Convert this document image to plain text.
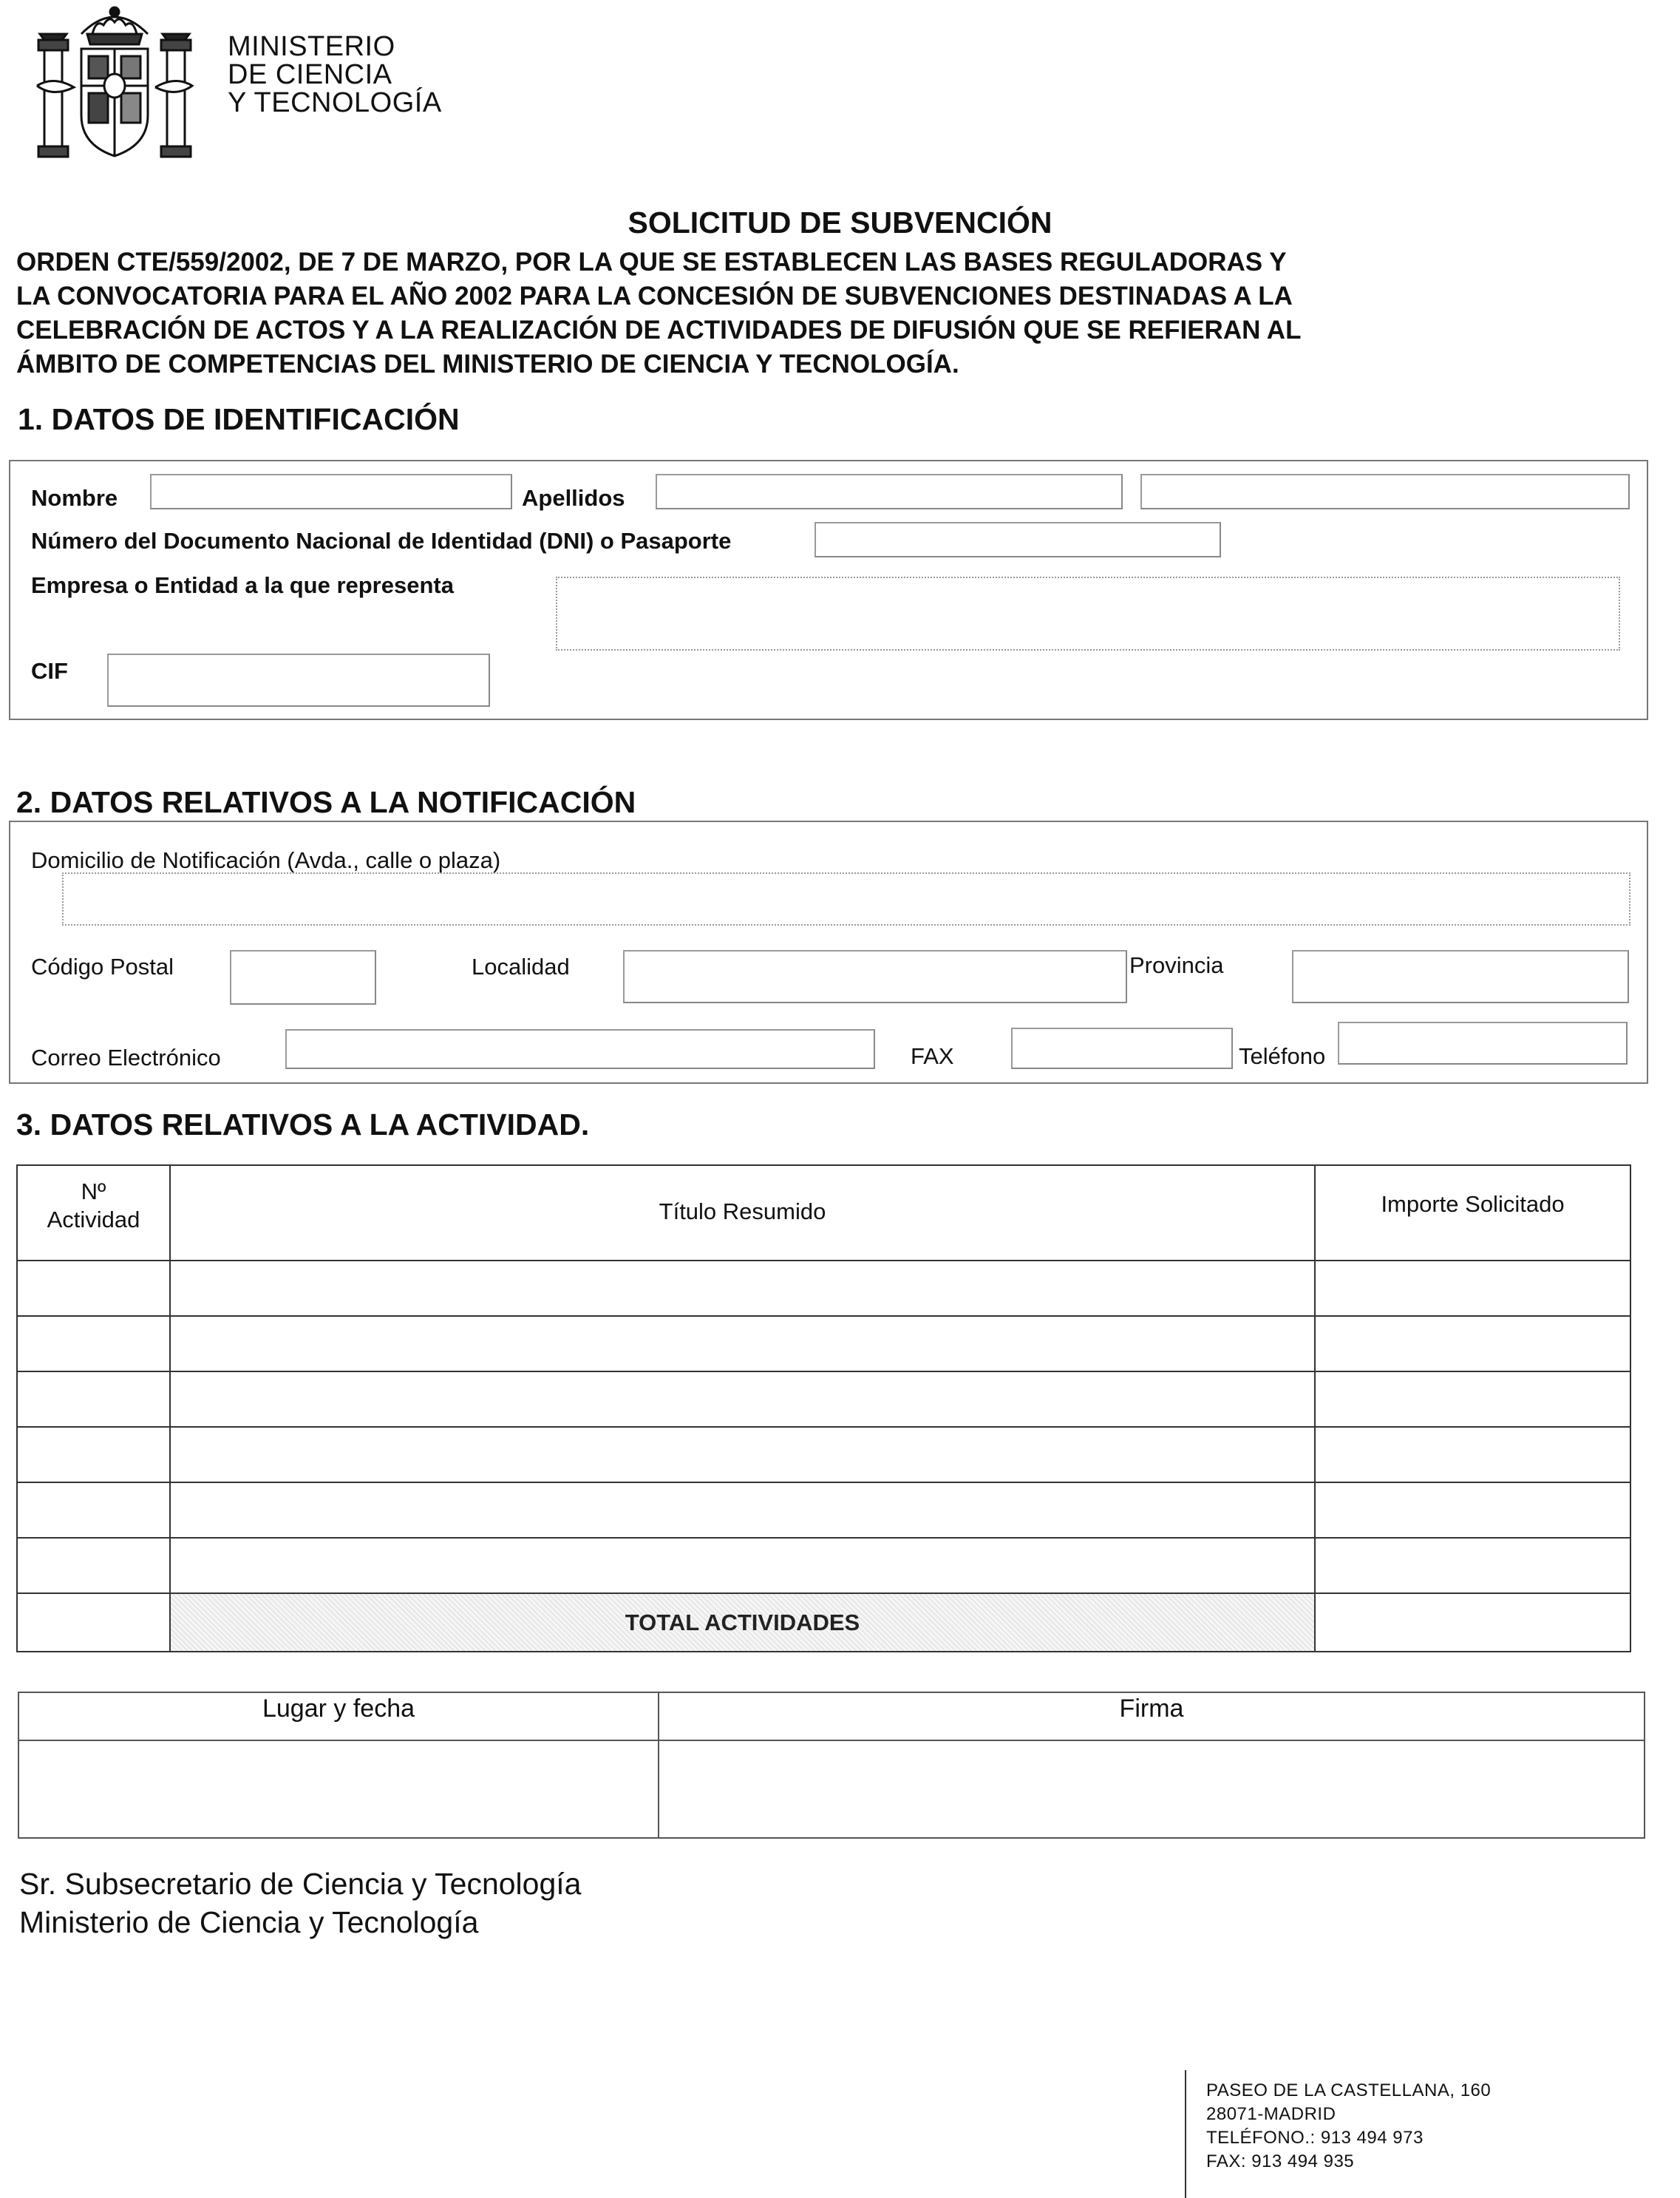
MINISTERIO
DE CIENCIA
Y TECNOLOGÍA
SOLICITUD DE SUBVENCIÓN
ORDEN CTE/559/2002, DE 7 DE MARZO, POR LA QUE SE ESTABLECEN LAS BASES REGULADORAS Y
LA CONVOCATORIA PARA EL AÑO 2002 PARA LA CONCESIÓN DE SUBVENCIONES DESTINADAS A LA
CELEBRACIÓN DE ACTOS Y A LA REALIZACIÓN DE ACTIVIDADES DE DIFUSIÓN QUE SE REFIERAN AL
ÁMBITO DE COMPETENCIAS DEL MINISTERIO DE CIENCIA Y TECNOLOGÍA.
1. DATOS DE IDENTIFICACIÓN
Nombre	Apellidos
Número del Documento Nacional de Identidad (DNI) o Pasaporte
Empresa o Entidad a la que representa
CIF
2. DATOS RELATIVOS A LA NOTIFICACIÓN
Domicilio de Notificación (Avda., calle o plaza)
Código Postal	Localidad	Provincia
Correo Electrónico	FAX	Teléfono
3. DATOS RELATIVOS A LA ACTIVIDAD.
Nº
Actividad	Título Resumido	Importe Solicitado

	TOTAL ACTIVIDADES	
Lugar y fecha	Firma

Sr. Subsecretario de Ciencia y Tecnología
Ministerio de Ciencia y Tecnología
PASEO DE LA CASTELLANA, 160
28071-MADRID
TELÉFONO.: 913 494 973
FAX: 913 494 935
